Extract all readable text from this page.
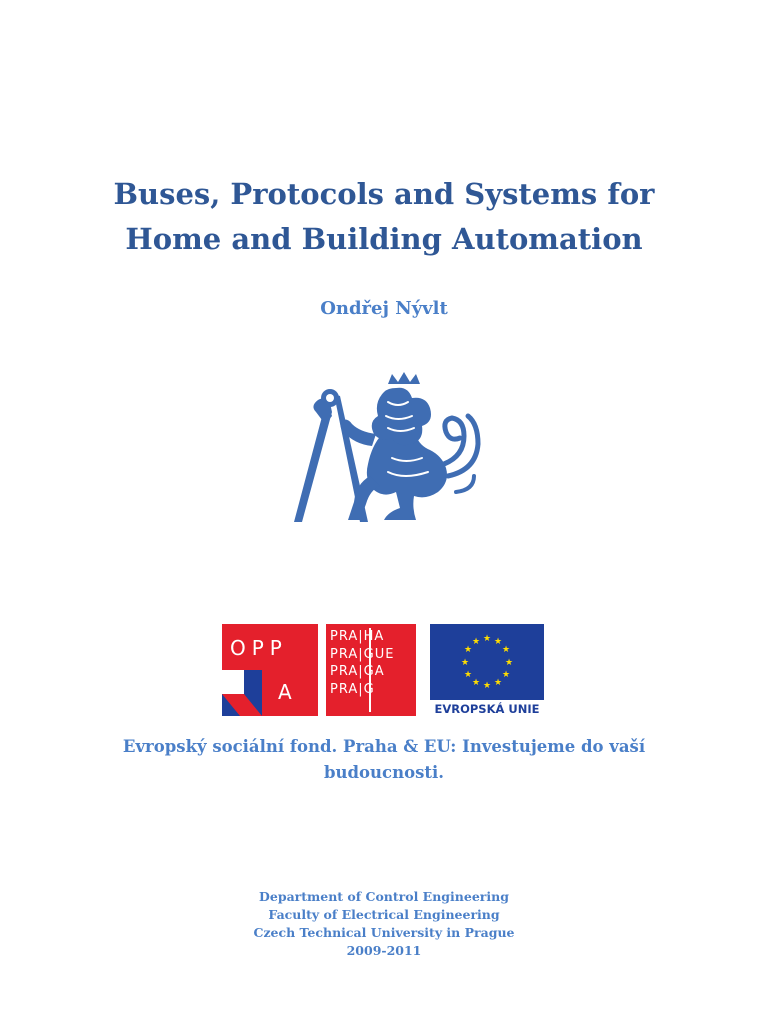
Buses, Protocols and Systems for
Home and Building Automation
Ondřej Nývlt
OPP
A
PRA|HA
PRA|GUE
PRA|GA
PRA|G
★ ★
★
★
★
★
★
★
★
★
★
★
EVROPSKÁ UNIE

Evropský sociální fond. Praha & EU: Investujeme do vaší
budoucnosti.

Department of Control Engineering
Faculty of Electrical Engineering
Czech Technical University in Prague
2009-2011
